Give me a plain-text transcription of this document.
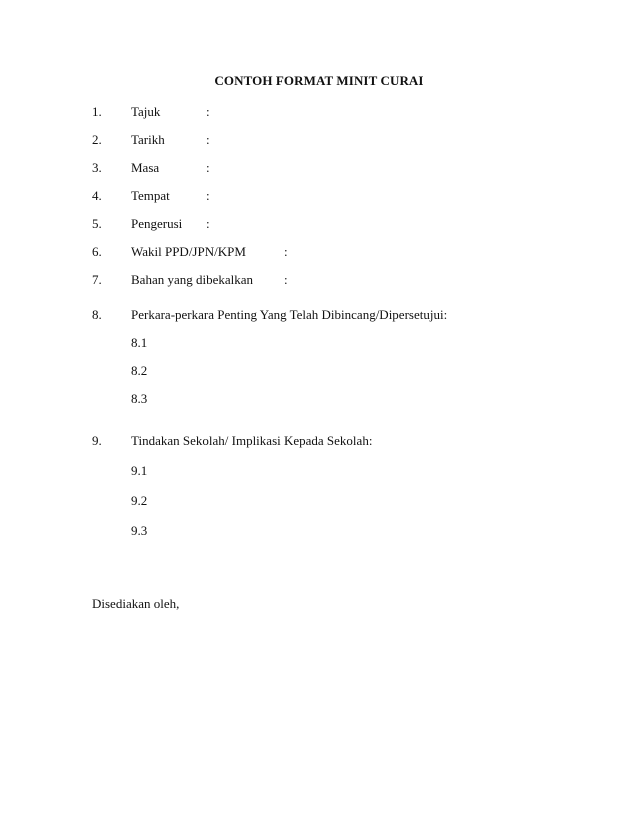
CONTOH FORMAT MINIT CURAI
1. Tajuk	:
2. Tarikh	:
3. Masa	:
4. Tempat	:
5. Pengerusi :
6. Wakil PPD/JPN/KPM	:
7. Bahan yang dibekalkan :
8. Perkara-perkara Penting Yang Telah Dibincang/Dipersetujui:
8.1
8.2
8.3
9. Tindakan Sekolah/ Implikasi Kepada Sekolah:
9.1
9.2
9.3
Disediakan oleh,
